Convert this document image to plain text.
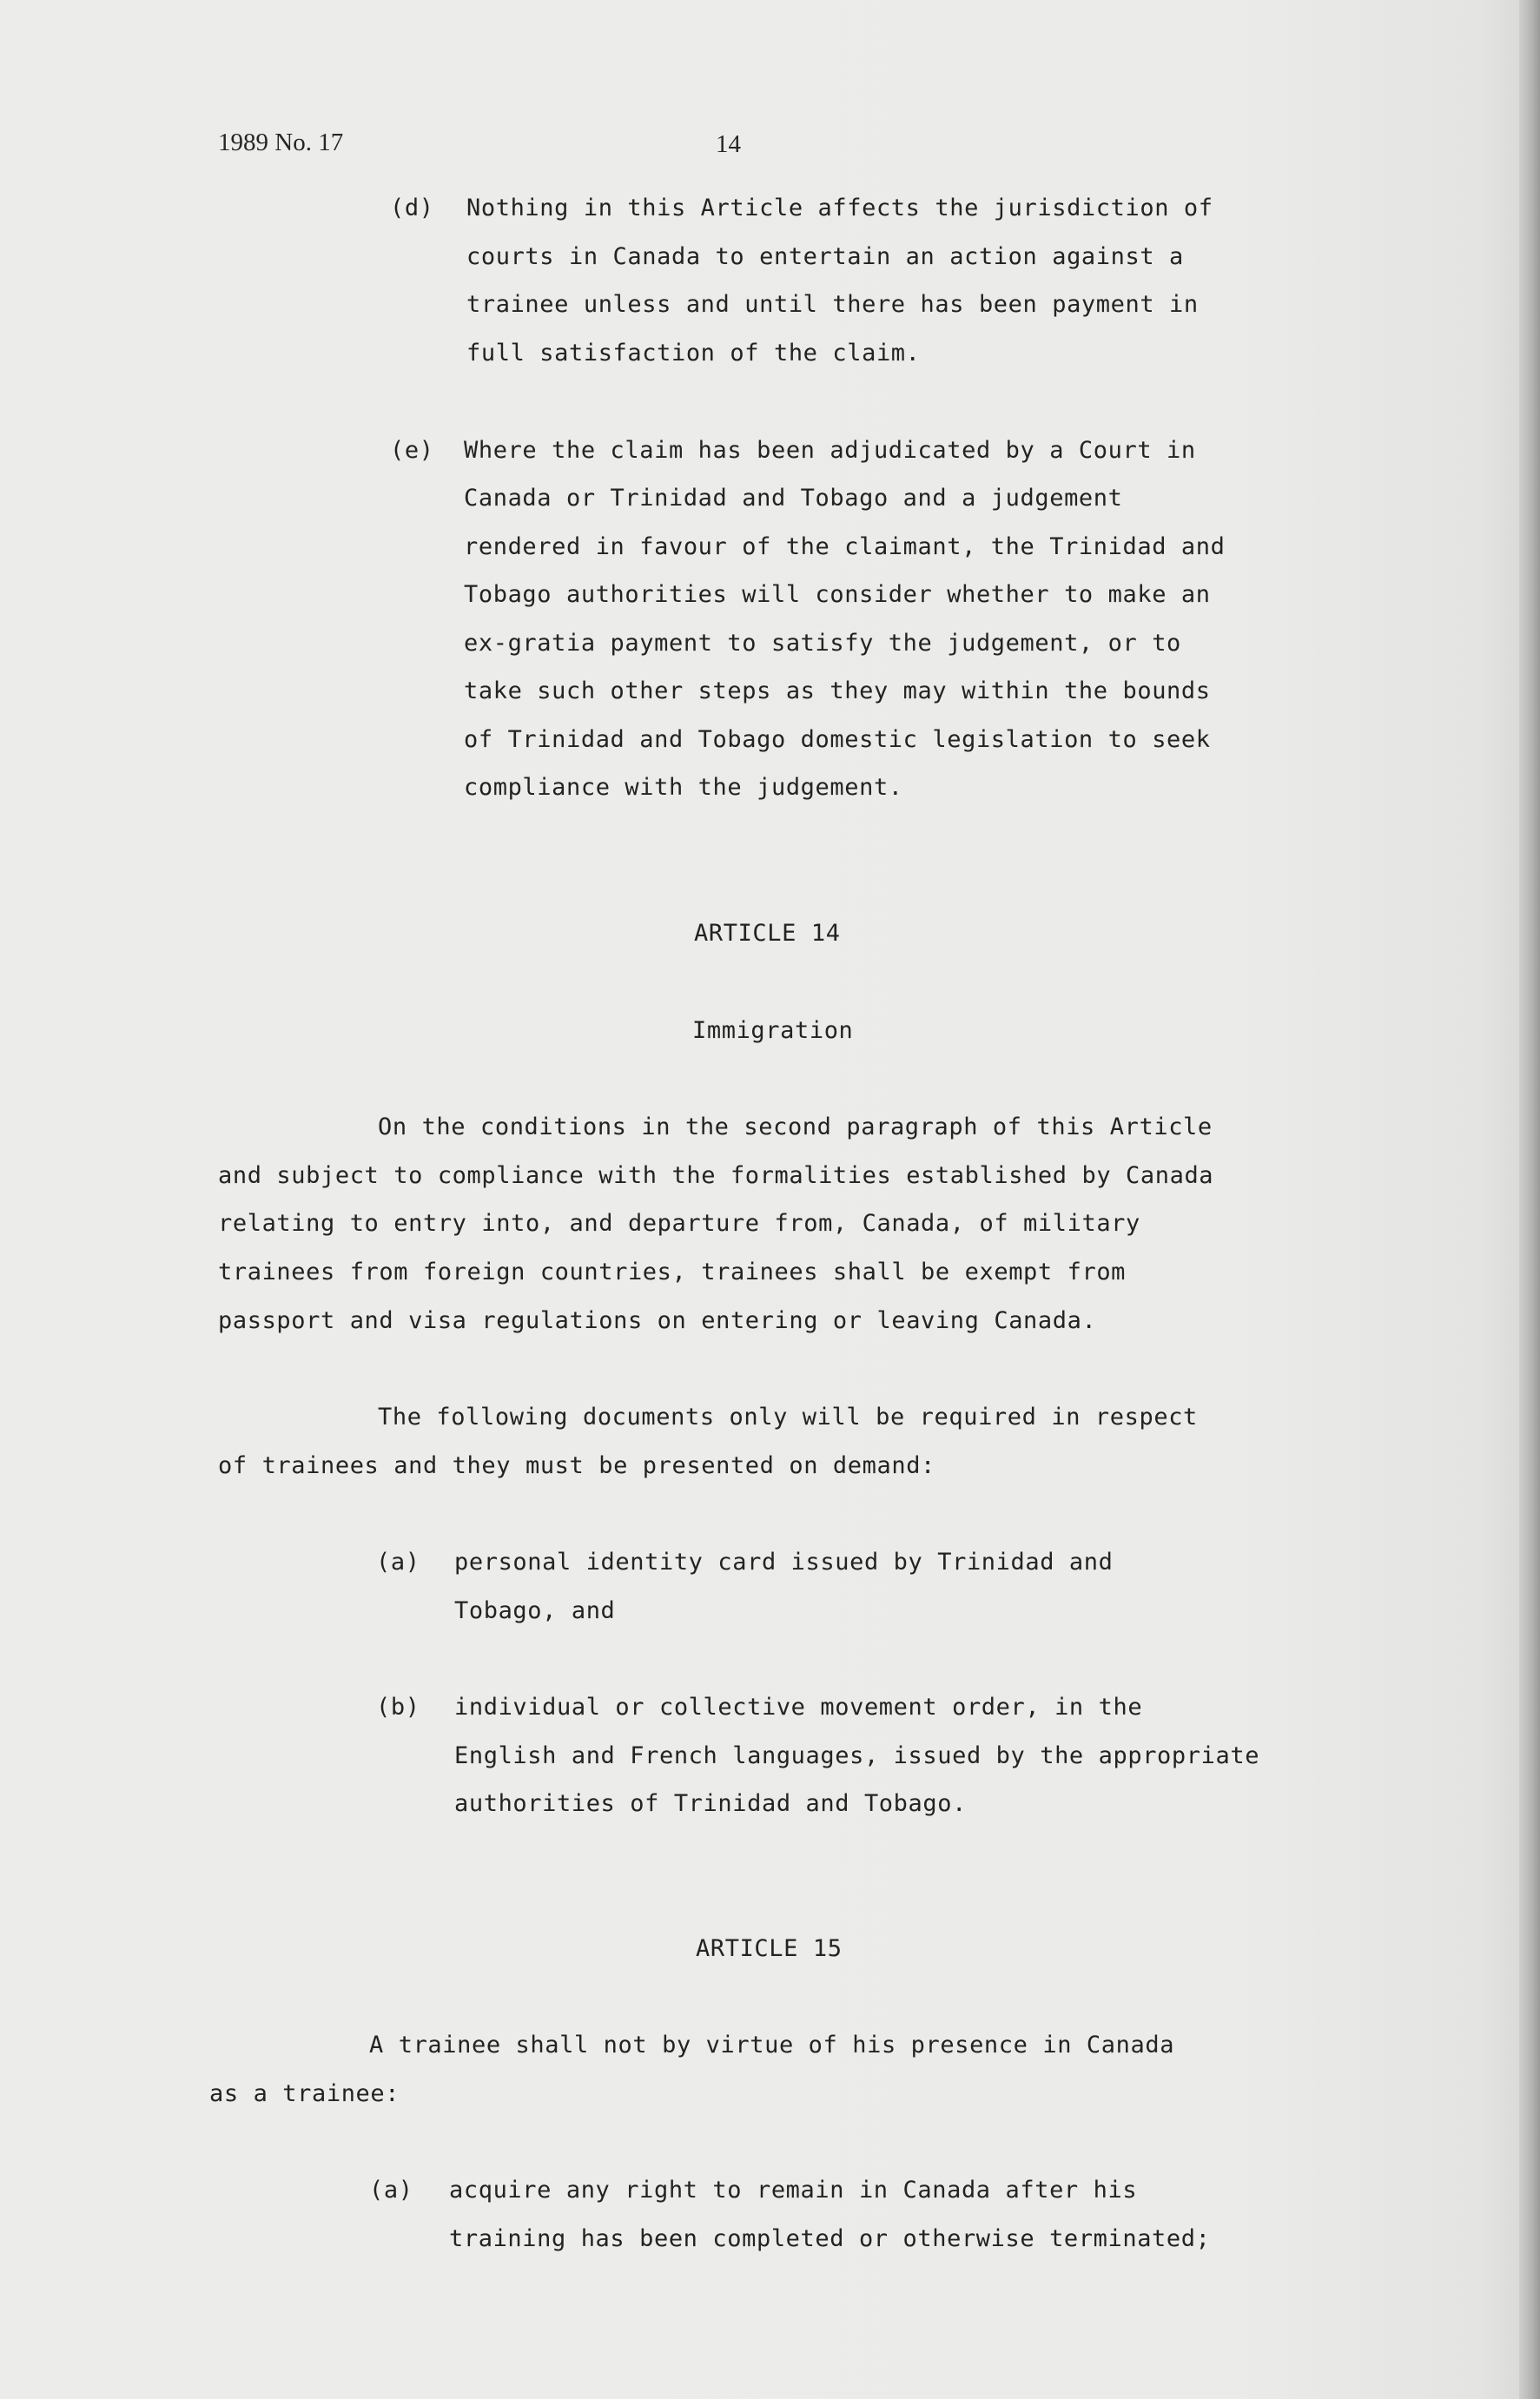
1989 No. 17	14
(d) Nothing in this Article affects the jurisdiction of
courts in Canada to entertain an action against a
trainee unless and until there has been payment in
full satisfaction of the claim.
(e) Where the claim has been adjudicated by a Court in
Canada or Trinidad and Tobago and a judgement
rendered in favour of the claimant, the Trinidad and
Tobago authorities will consider whether to make an
ex-gratia payment to satisfy the judgement, or to
take such other steps as they may within the bounds
of Trinidad and Tobago domestic legislation to seek
compliance with the judgement.
ARTICLE 14
Immigration
On the conditions in the second paragraph of this Article
and subject to compliance with the formalities established by Canada
relating to entry into, and departure from, Canada, of military
trainees from foreign countries, trainees shall be exempt from
passport and visa regulations on entering or leaving Canada.
The following documents only will be required in respect
of trainees and they must be presented on demand:
(a) personal identity card issued by Trinidad and
Tobago, and
(b) individual or collective movement order, in the
English and French languages, issued by the appropriate
authorities of Trinidad and Tobago.
ARTICLE 15
A trainee shall not by virtue of his presence in Canada
as a trainee:
(a) acquire any right to remain in Canada after his
training has been completed or otherwise terminated;
